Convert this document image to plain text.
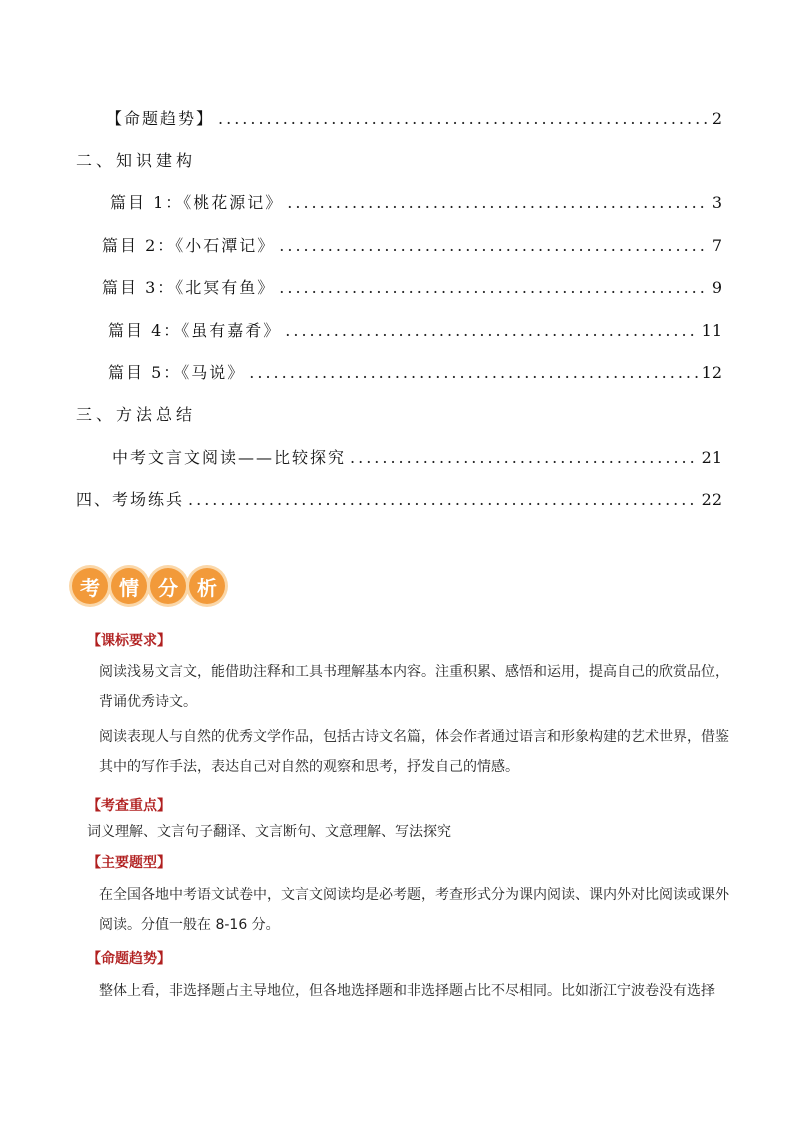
【命题趋势】 .....	2
二、知识建构
篇目 1：《桃花源记》 .....	3
篇目 2：《小石潭记》 .....	7
篇目 3：《北冥有鱼》 .....	9
篇目 4：《虽有嘉肴》 .....	11
篇目 5：《马说》 .....	12
三、方法总结
中考文言文阅读——比较探究 .....	21
四、考场练兵 .....	22
考 情 分 析
【课标要求】
阅读浅易文言文，能借助注释和工具书理解基本内容。注重积累、感悟和运用，提高自己的欣赏品位，背诵优秀诗文。
阅读表现人与自然的优秀文学作品，包括古诗文名篇，体会作者通过语言和形象构建的艺术世界，借鉴其中的写作手法，表达自己对自然的观察和思考，抒发自己的情感。
【考查重点】
词义理解、文言句子翻译、文言断句、文意理解、写法探究
【主要题型】
在全国各地中考语文试卷中，文言文阅读均是必考题，考查形式分为课内阅读、课内外对比阅读或课外阅读。分值一般在 8-16 分。
【命题趋势】
整体上看，非选择题占主导地位，但各地选择题和非选择题占比不尽相同。比如浙江宁波卷没有选择
